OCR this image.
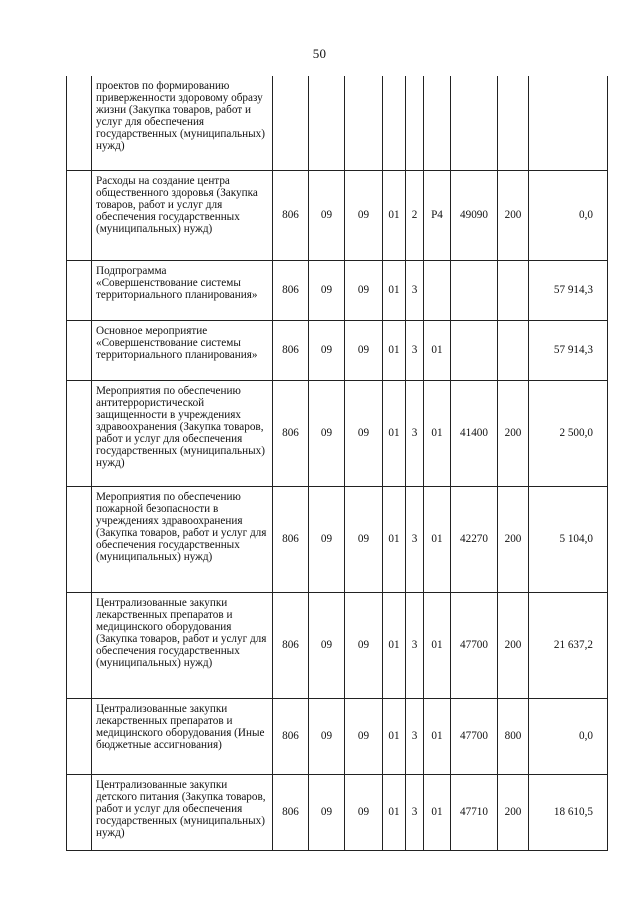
50
	проектов по формированию приверженности здоровому образу жизни (Закупка товаров, работ и услуг для обеспечения государственных (муниципальных) нужд)									
	Расходы на создание центра общественного здоровья (Закупка товаров, работ и услуг для обеспечения государственных (муниципальных) нужд)	806	09	09	01	2	P4	49090	200	0,0
	Подпрограмма «Совершенствование системы территориального планирования»	806	09	09	01	3				57 914,3
	Основное мероприятие «Совершенствование системы территориального планирования»	806	09	09	01	3	01			57 914,3
	Мероприятия по обеспечению антитеррористической защищенности в учреждениях здравоохранения (Закупка товаров, работ и услуг для обеспечения государственных (муниципальных) нужд)	806	09	09	01	3	01	41400	200	2 500,0
	Мероприятия по обеспечению пожарной безопасности в учреждениях здравоохранения (Закупка товаров, работ и услуг для обеспечения государственных (муниципальных) нужд)	806	09	09	01	3	01	42270	200	5 104,0
	Централизованные закупки лекарственных препаратов и медицинского оборудования (Закупка товаров, работ и услуг для обеспечения государственных (муниципальных) нужд)	806	09	09	01	3	01	47700	200	21 637,2
	Централизованные закупки лекарственных препаратов и медицинского оборудования (Иные бюджетные ассигнования)	806	09	09	01	3	01	47700	800	0,0
	Централизованные закупки детского питания (Закупка товаров, работ и услуг для обеспечения государственных (муниципальных) нужд)	806	09	09	01	3	01	47710	200	18 610,5
